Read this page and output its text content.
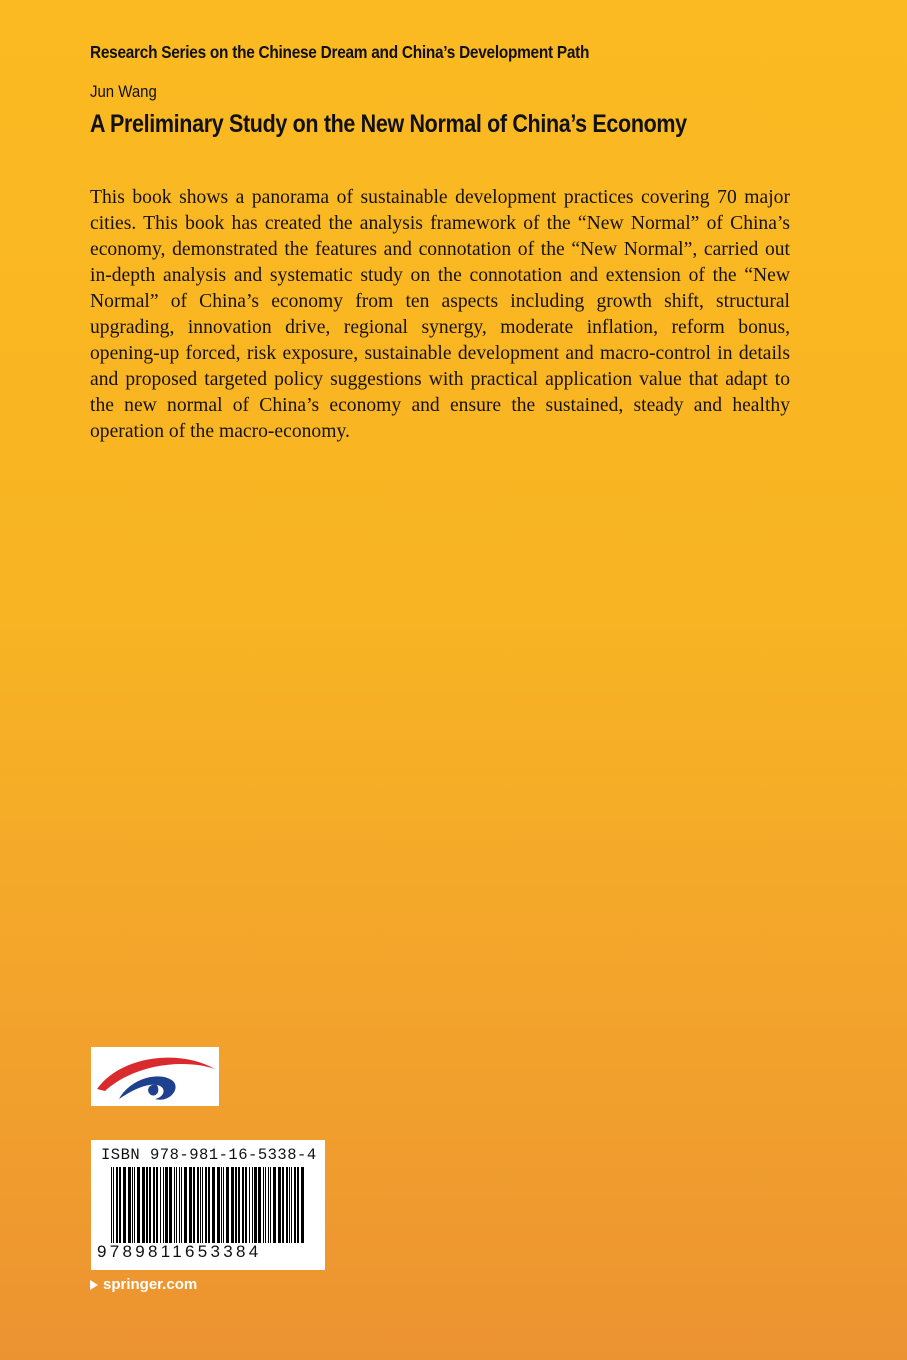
Research Series on the Chinese Dream and China’s Development Path
Jun Wang
A Preliminary Study on the New Normal of China’s Economy

This book shows a panorama of sustainable development practices covering 70 major cities. This book has created the analysis framework of the “New Normal” of China’s economy, demonstrated the features and connotation of the “New Normal”, carried out in-depth analysis and systematic study on the connotation and extension of the “New Normal” of China’s economy from ten aspects including growth shift, structural upgrading, innovation drive, regional synergy, moderate inflation, reform bonus, opening-up forced, risk exposure, sustainable development and macro-control in details and proposed targeted policy suggestions with practical application value that adapt to the new normal of China’s economy and ensure the sustained, steady and healthy operation of the macro-economy.

ISBN 978-981-16-5338-4
9789811653384
springer.com
